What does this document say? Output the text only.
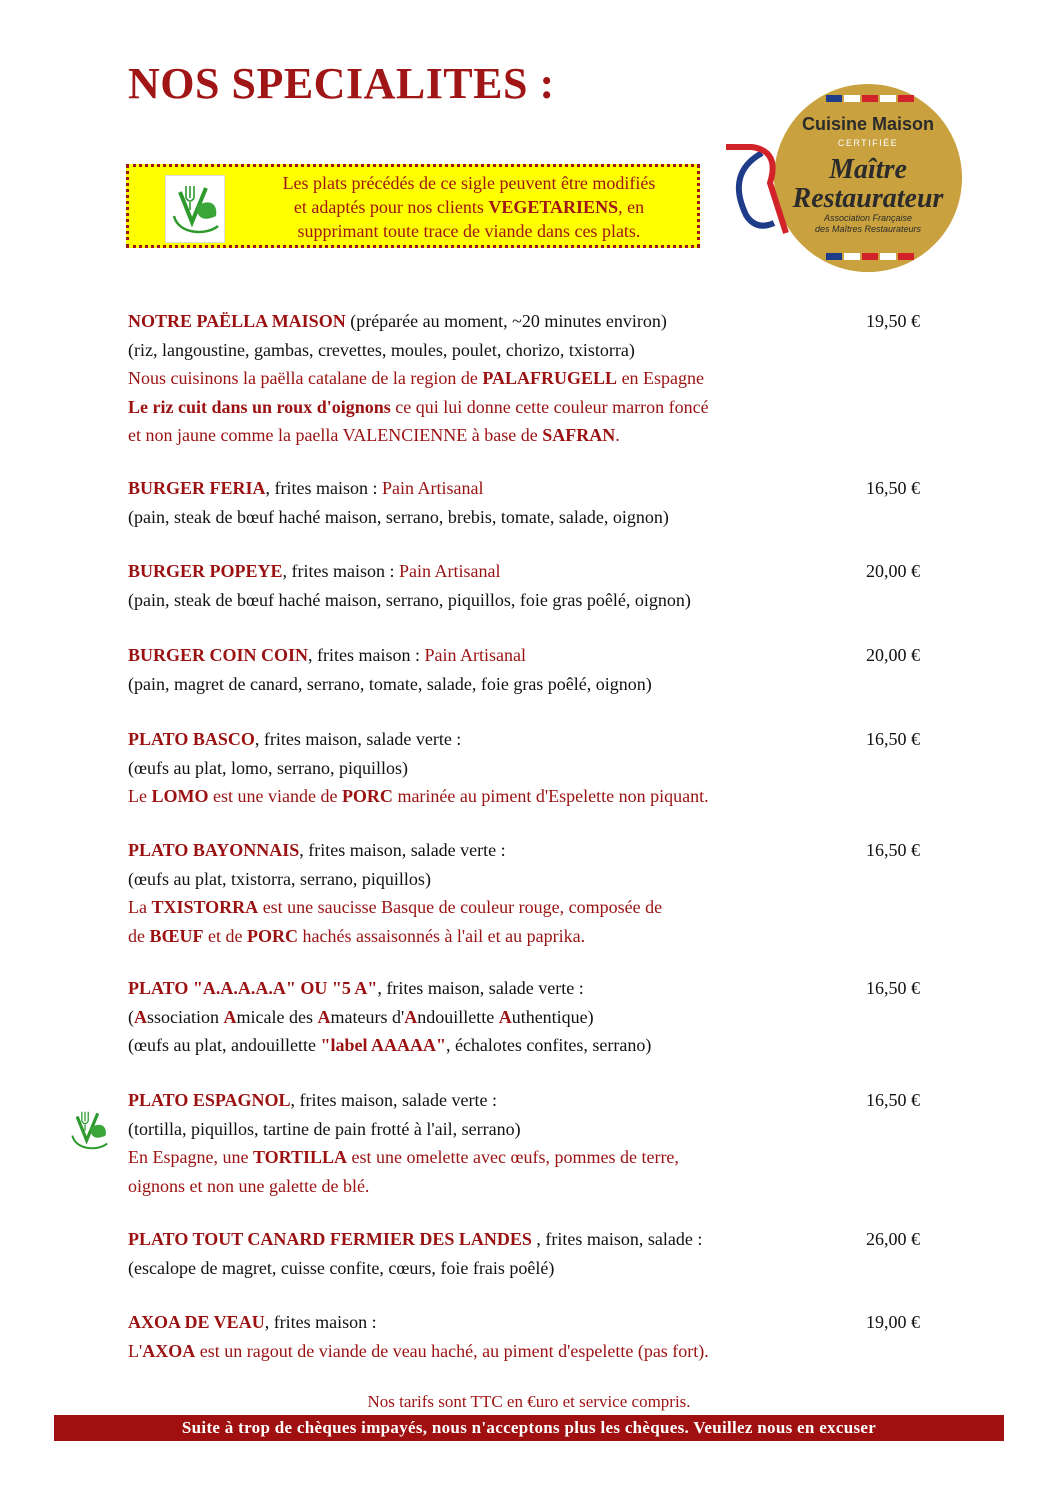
NOS SPECIALITES :
Les plats précédés de ce sigle peuvent être modifiés
et adaptés pour nos clients VEGETARIENS, en
supprimant toute trace de viande dans ces plats.
Cuisine Maison
CERTIFIÉE
Maître
Restaurateur
Association Française
des Maîtres Restaurateurs
NOTRE PAËLLA MAISON (préparée au moment, ~20 minutes environ)
(riz, langoustine, gambas, crevettes, moules, poulet, chorizo, txistorra)
Nous cuisinons la paëlla catalane de la region de PALAFRUGELL en Espagne
Le riz cuit dans un roux d'oignons ce qui lui donne cette couleur marron foncé
et non jaune comme la paella VALENCIENNE à base de SAFRAN.
19,50 €
BURGER FERIA, frites maison : Pain Artisanal
(pain, steak de bœuf haché maison, serrano, brebis, tomate, salade, oignon)
16,50 €
BURGER POPEYE, frites maison : Pain Artisanal
(pain, steak de bœuf haché maison, serrano, piquillos, foie gras poêlé, oignon)
20,00 €
BURGER COIN COIN, frites maison : Pain Artisanal
(pain, magret de canard, serrano, tomate, salade, foie gras poêlé, oignon)
20,00 €
PLATO BASCO, frites maison, salade verte :
(œufs au plat, lomo, serrano, piquillos)
Le LOMO est une viande de PORC marinée au piment d'Espelette non piquant.
16,50 €
PLATO BAYONNAIS, frites maison, salade verte :
(œufs au plat, txistorra, serrano, piquillos)
La TXISTORRA est une saucisse Basque de couleur rouge, composée de
de BŒUF et de PORC hachés assaisonnés à l'ail et au paprika.
16,50 €
PLATO "A.A.A.A.A" OU "5 A", frites maison, salade verte :
(Association Amicale des Amateurs d'Andouillette Authentique)
(œufs au plat, andouillette "label AAAAA", échalotes confites, serrano)
16,50 €
PLATO ESPAGNOL, frites maison, salade verte :
(tortilla, piquillos, tartine de pain frotté à l'ail, serrano)
En Espagne, une TORTILLA est une omelette avec œufs, pommes de terre,
oignons et non une galette de blé.
16,50 €
PLATO TOUT CANARD FERMIER DES LANDES , frites maison, salade :
(escalope de magret, cuisse confite, cœurs, foie frais poêlé)
26,00 €
AXOA DE VEAU, frites maison :
L'AXOA est un ragout de viande de veau haché, au piment d'espelette (pas fort).
19,00 €
Nos tarifs sont TTC en €uro et service compris.
Suite à trop de chèques impayés, nous n'acceptons plus les chèques. Veuillez nous en excuser
